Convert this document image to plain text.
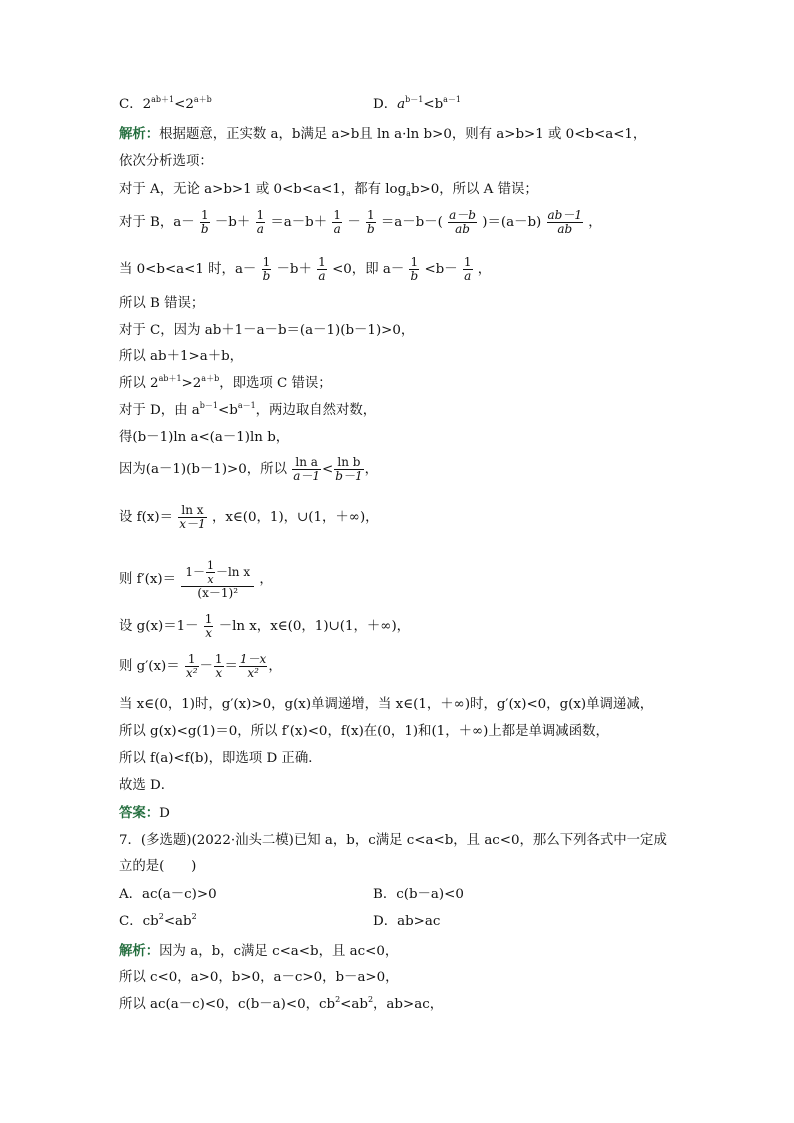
C．$2^{ab+1}<2^{a+b}$	D．$a^{b-1}<b^{a-1}$
解析：根据题意，正实数 a，b满足 a>b且 ln a·ln b>0，则有 a>b>1 或 0<b<a<1，
依次分析选项：
对于 A，无论 a>b>1 或 0<b<a<1，都有 $\log_ab>0$，所以 A 错误；
对于 B，$a- \frac{1}{b} -b+ \frac{1}{a} =a-b+ \frac{1}{a} - \frac{1}{b} =a-b-( \frac{a-b}{ab} )=(a-b) \frac{ab-1}{ab}$ ，
当 0<b<a<1 时，$a- \frac{1}{b} -b+ \frac{1}{a} <0$，即 $a- \frac{1}{b} <b- \frac{1}{a}$ ，
所以 B 错误；
对于 C，因为 ab＋1－a－b＝(a－1)(b－1)>0，
所以 ab＋1>a＋b，
所以 $2^{ab+1}>2^{a+b}$，即选项 C 错误；
对于 D，由 $a^{b-1}<b^{a-1}$，两边取自然对数，
得(b－1)ln a<(a－1)ln b，
因为(a－1)(b－1)>0，所以 $\frac{\text{ln a}}{a-1} < \frac{\text{ln b}}{b-1}$ ，
设 $f(x)= \frac{\text{ln x}}{x-1}$ ，x∈(0，1)，∪(1，＋∞)，
则 $f'(x)= \frac{1- \frac{1}{x} -\ln x}{\text{(x－1)²}}$ ，
设 $g(x)=1- \frac{1}{x} -\ln$ x，x∈(0，1)∪(1，＋∞)，
则 $g'(x)= \frac{1}{\text{x²}} - \frac{1}{x} = \frac{1-x}{\text{x²}}$ ，
当 x∈(0，1)时，g′(x)>0，g(x)单调递增，当 x∈(1，＋∞)时，g′(x)<0，g(x)单调递减，
所以 g(x)<g(1)＝0，所以 f′(x)<0，f(x)在(0，1)和(1，＋∞)上都是单调减函数，
所以 f(a)<f(b)，即选项 D 正确．
故选 D．
答案：D
7．(多选题)(2022·汕头二模)已知 a，b，c满足 c<a<b，且 ac<0，那么下列各式中一定成
立的是(　　)
A．ac(a－c)>0	B．c(b－a)<0
C．$cb^2<ab^2$	D．ab>ac
解析：因为 a，b，c满足 c<a<b，且 ac<0，
所以 c<0，a>0，b>0，a－c>0，b－a>0，
所以 ac(a－c)<0，c(b－a)<0，$cb^2<ab^2$，ab>ac，
